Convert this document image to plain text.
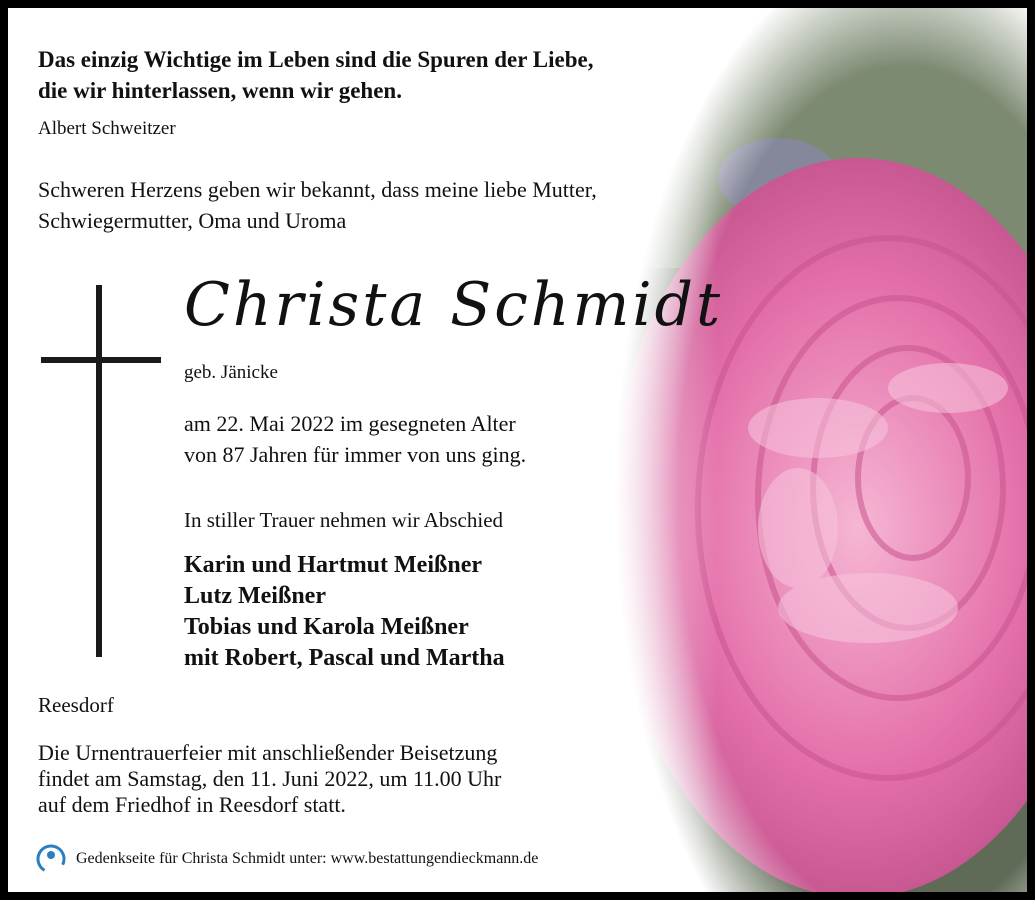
Das einzig Wichtige im Leben sind die Spuren der Liebe,
die wir hinterlassen, wenn wir gehen.
Albert Schweitzer
Schweren Herzens geben wir bekannt, dass meine liebe Mutter,
Schwiegermutter, Oma und Uroma
Christa Schmidt
geb. Jänicke
am 22. Mai 2022 im gesegneten Alter
von 87 Jahren für immer von uns ging.
In stiller Trauer nehmen wir Abschied
Karin und Hartmut Meißner
Lutz Meißner
Tobias und Karola Meißner
mit Robert, Pascal und Martha
Reesdorf
Die Urnentrauerfeier mit anschließender Beisetzung
findet am Samstag, den 11. Juni 2022, um 11.00 Uhr
auf dem Friedhof in Reesdorf statt.
Gedenkseite für Christa Schmidt unter: www.bestattungendieckmann.de
